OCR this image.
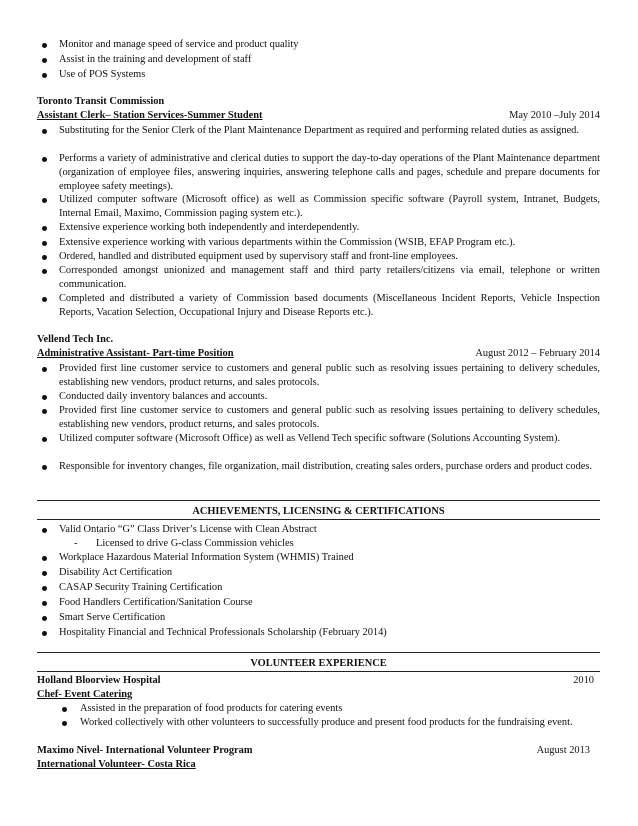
Monitor and manage speed of service and product quality
Assist in the training and development of staff
Use of POS Systems
Toronto Transit Commission
Assistant Clerk– Station Services-Summer Student	May 2010 –July 2014
Substituting for the Senior Clerk of the Plant Maintenance Department as required and performing related duties as assigned.
Performs a variety of administrative and clerical duties to support the day-to-day operations of the Plant Maintenance department (organization of employee files, answering inquiries, answering telephone calls and pages, schedule and prepare documents for employee safety meetings).
Utilized computer software (Microsoft office) as well as Commission specific software (Payroll system, Intranet, Budgets, Internal Email, Maximo, Commission paging system etc.).
Extensive experience working both independently and interdependently.
Extensive experience working with various departments within the Commission (WSIB, EFAP Program etc.).
Ordered, handled and distributed equipment used by supervisory staff and front-line employees.
Corresponded amongst unionized and management staff and third party retailers/citizens via email, telephone or written communication.
Completed and distributed a variety of Commission based documents (Miscellaneous Incident Reports, Vehicle Inspection Reports, Vacation Selection, Occupational Injury and Disease Reports etc.).
Vellend Tech Inc.
Administrative Assistant- Part-time Position	August 2012 – February 2014
Provided first line customer service to customers and general public such as resolving issues pertaining to delivery schedules, establishing new vendors, product returns, and sales protocols.
Conducted daily inventory balances and accounts.
Provided first line customer service to customers and general public such as resolving issues pertaining to delivery schedules, establishing new vendors, product returns, and sales protocols.
Utilized computer software (Microsoft Office) as well as Vellend Tech specific software (Solutions Accounting System).
Responsible for inventory changes, file organization, mail distribution, creating sales orders, purchase orders and product codes.
ACHIEVEMENTS, LICENSING & CERTIFICATIONS
Valid Ontario “G” Class Driver’s License with Clean Abstract
- Licensed to drive G-class Commission vehicles
Workplace Hazardous Material Information System (WHMIS) Trained
Disability Act Certification
CASAP Security Training Certification
Food Handlers Certification/Sanitation Course
Smart Serve Certification
Hospitality Financial and Technical Professionals Scholarship (February 2014)
VOLUNTEER EXPERIENCE
Holland Bloorview Hospital	2010
Chef- Event Catering
Assisted in the preparation of food products for catering events
Worked collectively with other volunteers to successfully produce and present food products for the fundraising event.
Maximo Nivel- International Volunteer Program	August 2013
International Volunteer- Costa Rica
